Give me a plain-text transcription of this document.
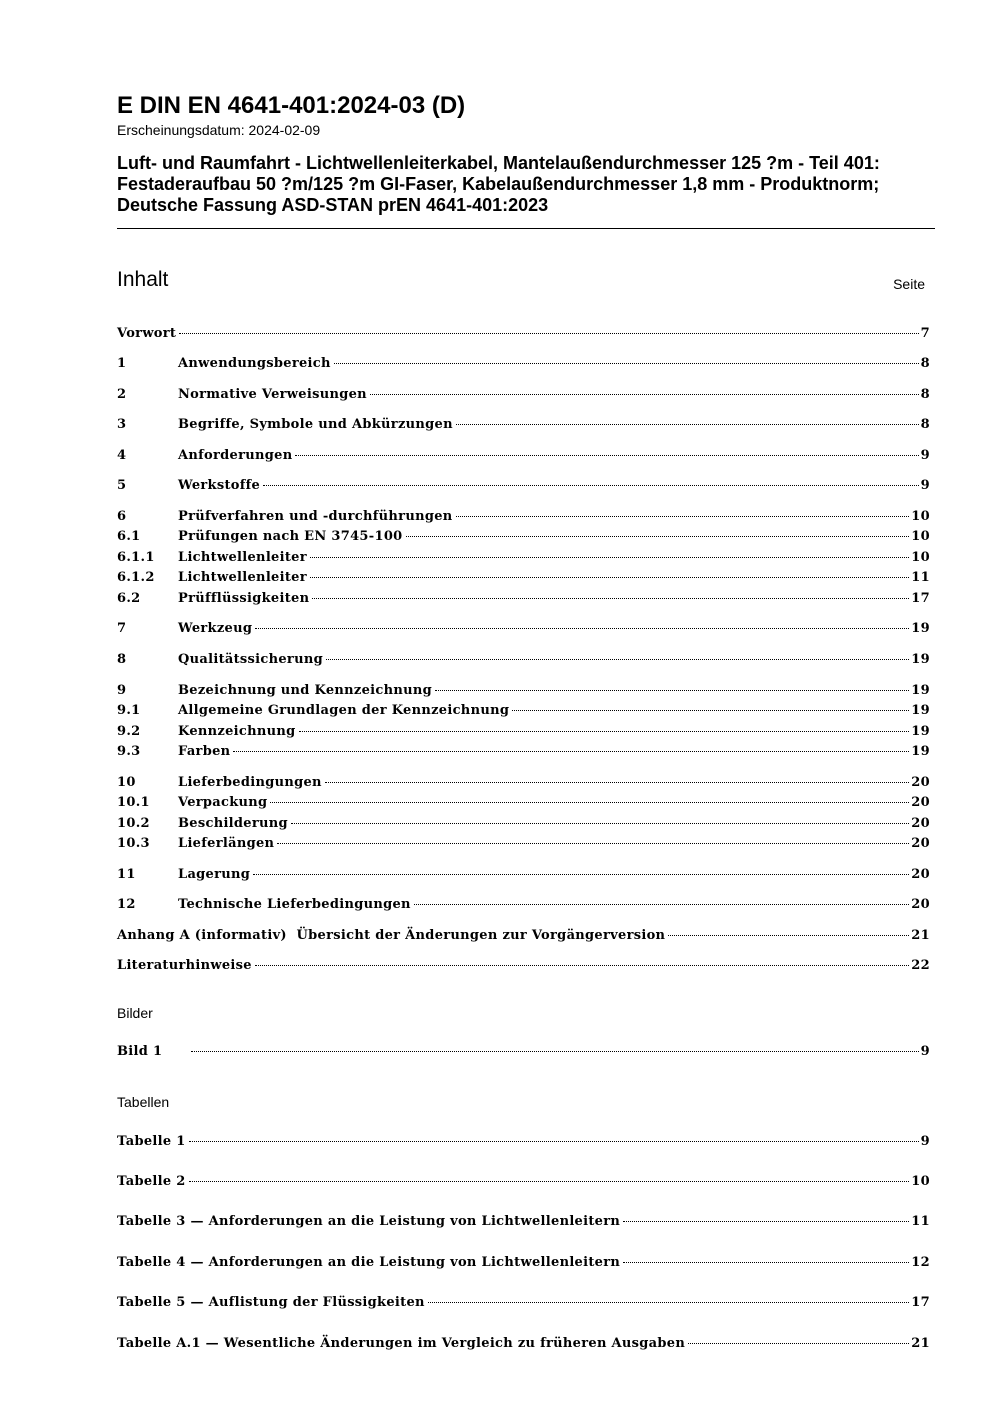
E DIN EN 4641-401:2024-03 (D)

Erscheinungsdatum: 2024-02-09

Luft- und Raumfahrt - Lichtwellenleiterkabel, Mantelaußendurchmesser 125 ?m - Teil 401: Festaderaufbau 50 ?m/125 ?m GI-Faser, Kabelaußendurchmesser 1,8 mm - Produktnorm; Deutsche Fassung ASD-STAN prEN 4641-401:2023

Inhalt	Seite
Vorwort	7
1	Anwendungsbereich	8
2	Normative Verweisungen	8
3	Begriffe, Symbole und Abkürzungen	8
4	Anforderungen	9
5	Werkstoffe	9
6	Prüfverfahren und -durchführungen	10
6.1	Prüfungen nach EN 3745-100	10
6.1.1	Lichtwellenleiter	10
6.1.2	Lichtwellenleiter	11
6.2	Prüfflüssigkeiten	17
7	Werkzeug	19
8	Qualitätssicherung	19
9	Bezeichnung und Kennzeichnung	19
9.1	Allgemeine Grundlagen der Kennzeichnung	19
9.2	Kennzeichnung	19
9.3	Farben	19
10	Lieferbedingungen	20
10.1	Verpackung	20
10.2	Beschilderung	20
10.3	Lieferlängen	20
11	Lagerung	20
12	Technische Lieferbedingungen	20
Anhang A (informativ)  Übersicht der Änderungen zur Vorgängerversion	21
Literaturhinweise	22
Bild 1	9
Tabelle 1	9
Tabelle 2	10
Tabelle 3 — Anforderungen an die Leistung von Lichtwellenleitern	11
Tabelle 4 — Anforderungen an die Leistung von Lichtwellenleitern	12
Tabelle 5 — Auflistung der Flüssigkeiten	17
Tabelle A.1 — Wesentliche Änderungen im Vergleich zu früheren Ausgaben	21
Bilder
Tabellen
